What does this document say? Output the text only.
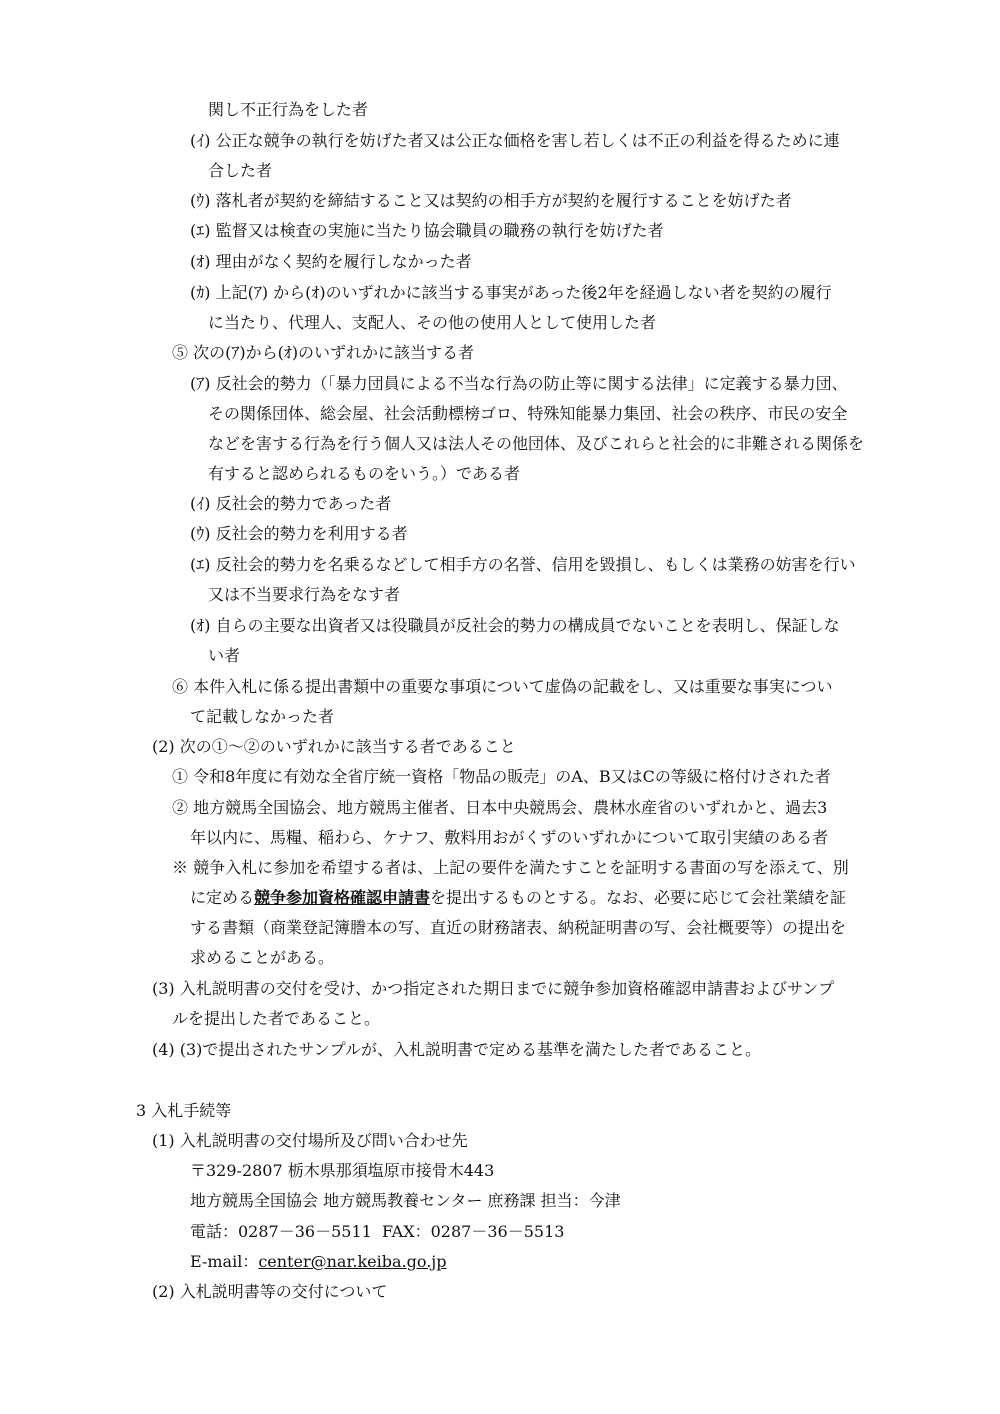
関し不正行為をした者
(ｲ) 公正な競争の執行を妨げた者又は公正な価格を害し若しくは不正の利益を得るために連
合した者
(ｳ) 落札者が契約を締結すること又は契約の相手方が契約を履行することを妨げた者
(ｴ) 監督又は検査の実施に当たり協会職員の職務の執行を妨げた者
(ｵ) 理由がなく契約を履行しなかった者
(ｶ) 上記(ｱ) から(ｵ)のいずれかに該当する事実があった後2年を経過しない者を契約の履行
に当たり、代理人、支配人、その他の使用人として使用した者
⑤ 次の(ｱ)から(ｵ)のいずれかに該当する者
(ｱ) 反社会的勢力（「暴力団員による不当な行為の防止等に関する法律」に定義する暴力団、
その関係団体、総会屋、社会活動標榜ゴロ、特殊知能暴力集団、社会の秩序、市民の安全
などを害する行為を行う個人又は法人その他団体、及びこれらと社会的に非難される関係を
有すると認められるものをいう。）である者
(ｲ) 反社会的勢力であった者
(ｳ) 反社会的勢力を利用する者
(ｴ) 反社会的勢力を名乗るなどして相手方の名誉、信用を毀損し、もしくは業務の妨害を行い
又は不当要求行為をなす者
(ｵ) 自らの主要な出資者又は役職員が反社会的勢力の構成員でないことを表明し、保証しな
い者
⑥ 本件入札に係る提出書類中の重要な事項について虚偽の記載をし、又は重要な事実につい
て記載しなかった者
(2) 次の①～②のいずれかに該当する者であること
① 令和8年度に有効な全省庁統一資格「物品の販売」のA、B又はCの等級に格付けされた者
② 地方競馬全国協会、地方競馬主催者、日本中央競馬会、農林水産省のいずれかと、過去3
年以内に、馬糧、稲わら、ケナフ、敷料用おがくずのいずれかについて取引実績のある者
※ 競争入札に参加を希望する者は、上記の要件を満たすことを証明する書面の写を添えて、別
に定める競争参加資格確認申請書を提出するものとする。なお、必要に応じて会社業績を証
する書類（商業登記簿謄本の写、直近の財務諸表、納税証明書の写、会社概要等）の提出を
求めることがある。
(3) 入札説明書の交付を受け、かつ指定された期日までに競争参加資格確認申請書およびサンプ
ルを提出した者であること。
(4) (3)で提出されたサンプルが、入札説明書で定める基準を満たした者であること。
3 入札手続等
(1) 入札説明書の交付場所及び問い合わせ先
〒329-2807 栃木県那須塩原市接骨木443
地方競馬全国協会 地方競馬教養センター 庶務課 担当：今津
電話：0287－36－5511  FAX：0287－36－5513
E-mail：center@nar.keiba.go.jp
(2) 入札説明書等の交付について
